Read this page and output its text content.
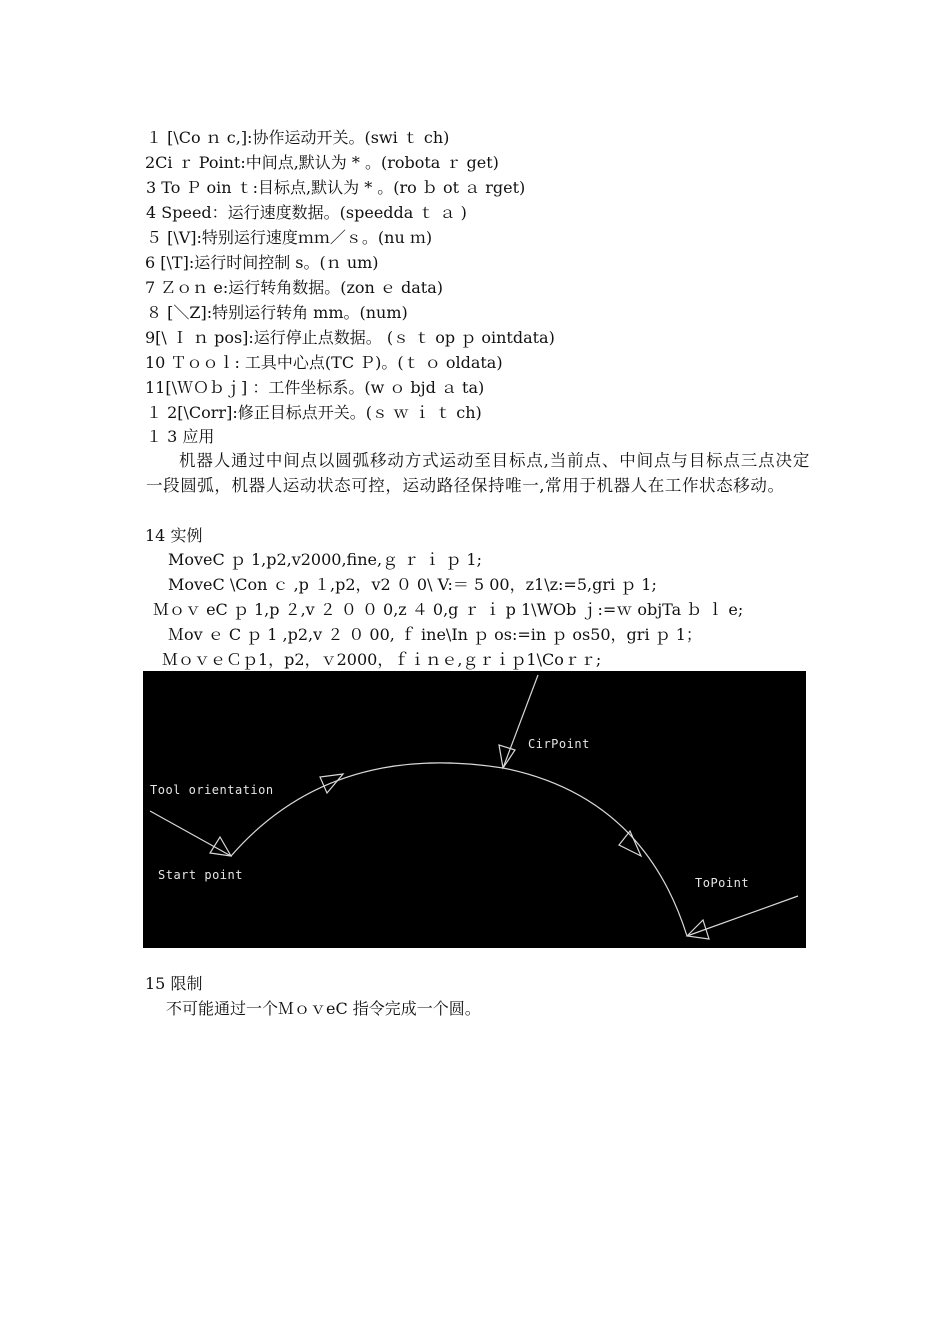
１ [\Co ｎ c,]:协作运动开关。(swi ｔ ch)
2Ci ｒ Point:中间点,默认为 * 。(robota ｒ get)
3 To Ｐ oin ｔ:目标点,默认为 * 。(ro ｂ ot ａ rget)
4 Speed：运行速度数据。(speedda ｔ ａ )
５ [\V]:特别运行速度ｍｍ／ｓ。(nu ｍ)
6 [\T]:运行时间控制 s。(ｎ um)
7 Ｚｏｎ e:运行转角数据。(zon ｅ data)
８ [＼Z]:特别运行转角 mm。(num)
9[\ Ｉ ｎ pos]:运行停止点数据。 (ｓ ｔ op ｐ ointdata)
10 Ｔｏｏｌ: 工具中心点(TC Ｐ)。(ｔ ｏ oldata)
11[\ＷＯｂｊ] ：工件坐标系。(w ｏ bjd ａ ta)
１ 2[\Corr]:修正目标点开关。(ｓ ｗ ｉ ｔ ch)
１ 3 应用
机器人通过中间点以圆弧移动方式运动至目标点,当前点、中间点与目标点三点决定一段圆弧，机器人运动状态可控，运动路径保持唯一,常用于机器人在工作状态移动。
14 实例
MoveC ｐ 1,p2,v2000,fine,ｇ ｒ ｉ ｐ 1;
MoveC \Con ｃ ,p １,p2，v2 ０ 0\ V:＝ 5 00，z1\z:=5,gri ｐ 1;
Ｍｏｖ eC ｐ 1,p ２,v ２ ０ ０ 0,z ４ 0,g ｒ ｉ p 1\WOb ｊ:=ｗ objTa ｂ ｌ e;
Ｍov ｅ C ｐ 1 ,p2,v ２ ０ 00, ｆ ine\In ｐ os:=in ｐ os50，gri ｐ 1；
ＭｏｖｅＣｐ1，p2，ｖ2000，ｆｉｎｅ,ｇｒｉｐ1\Coｒｒ;
CirPoint
Tool orientation
Start point
ToPoint
15 限制
不可能通过一个ＭｏｖeC 指令完成一个圆。
